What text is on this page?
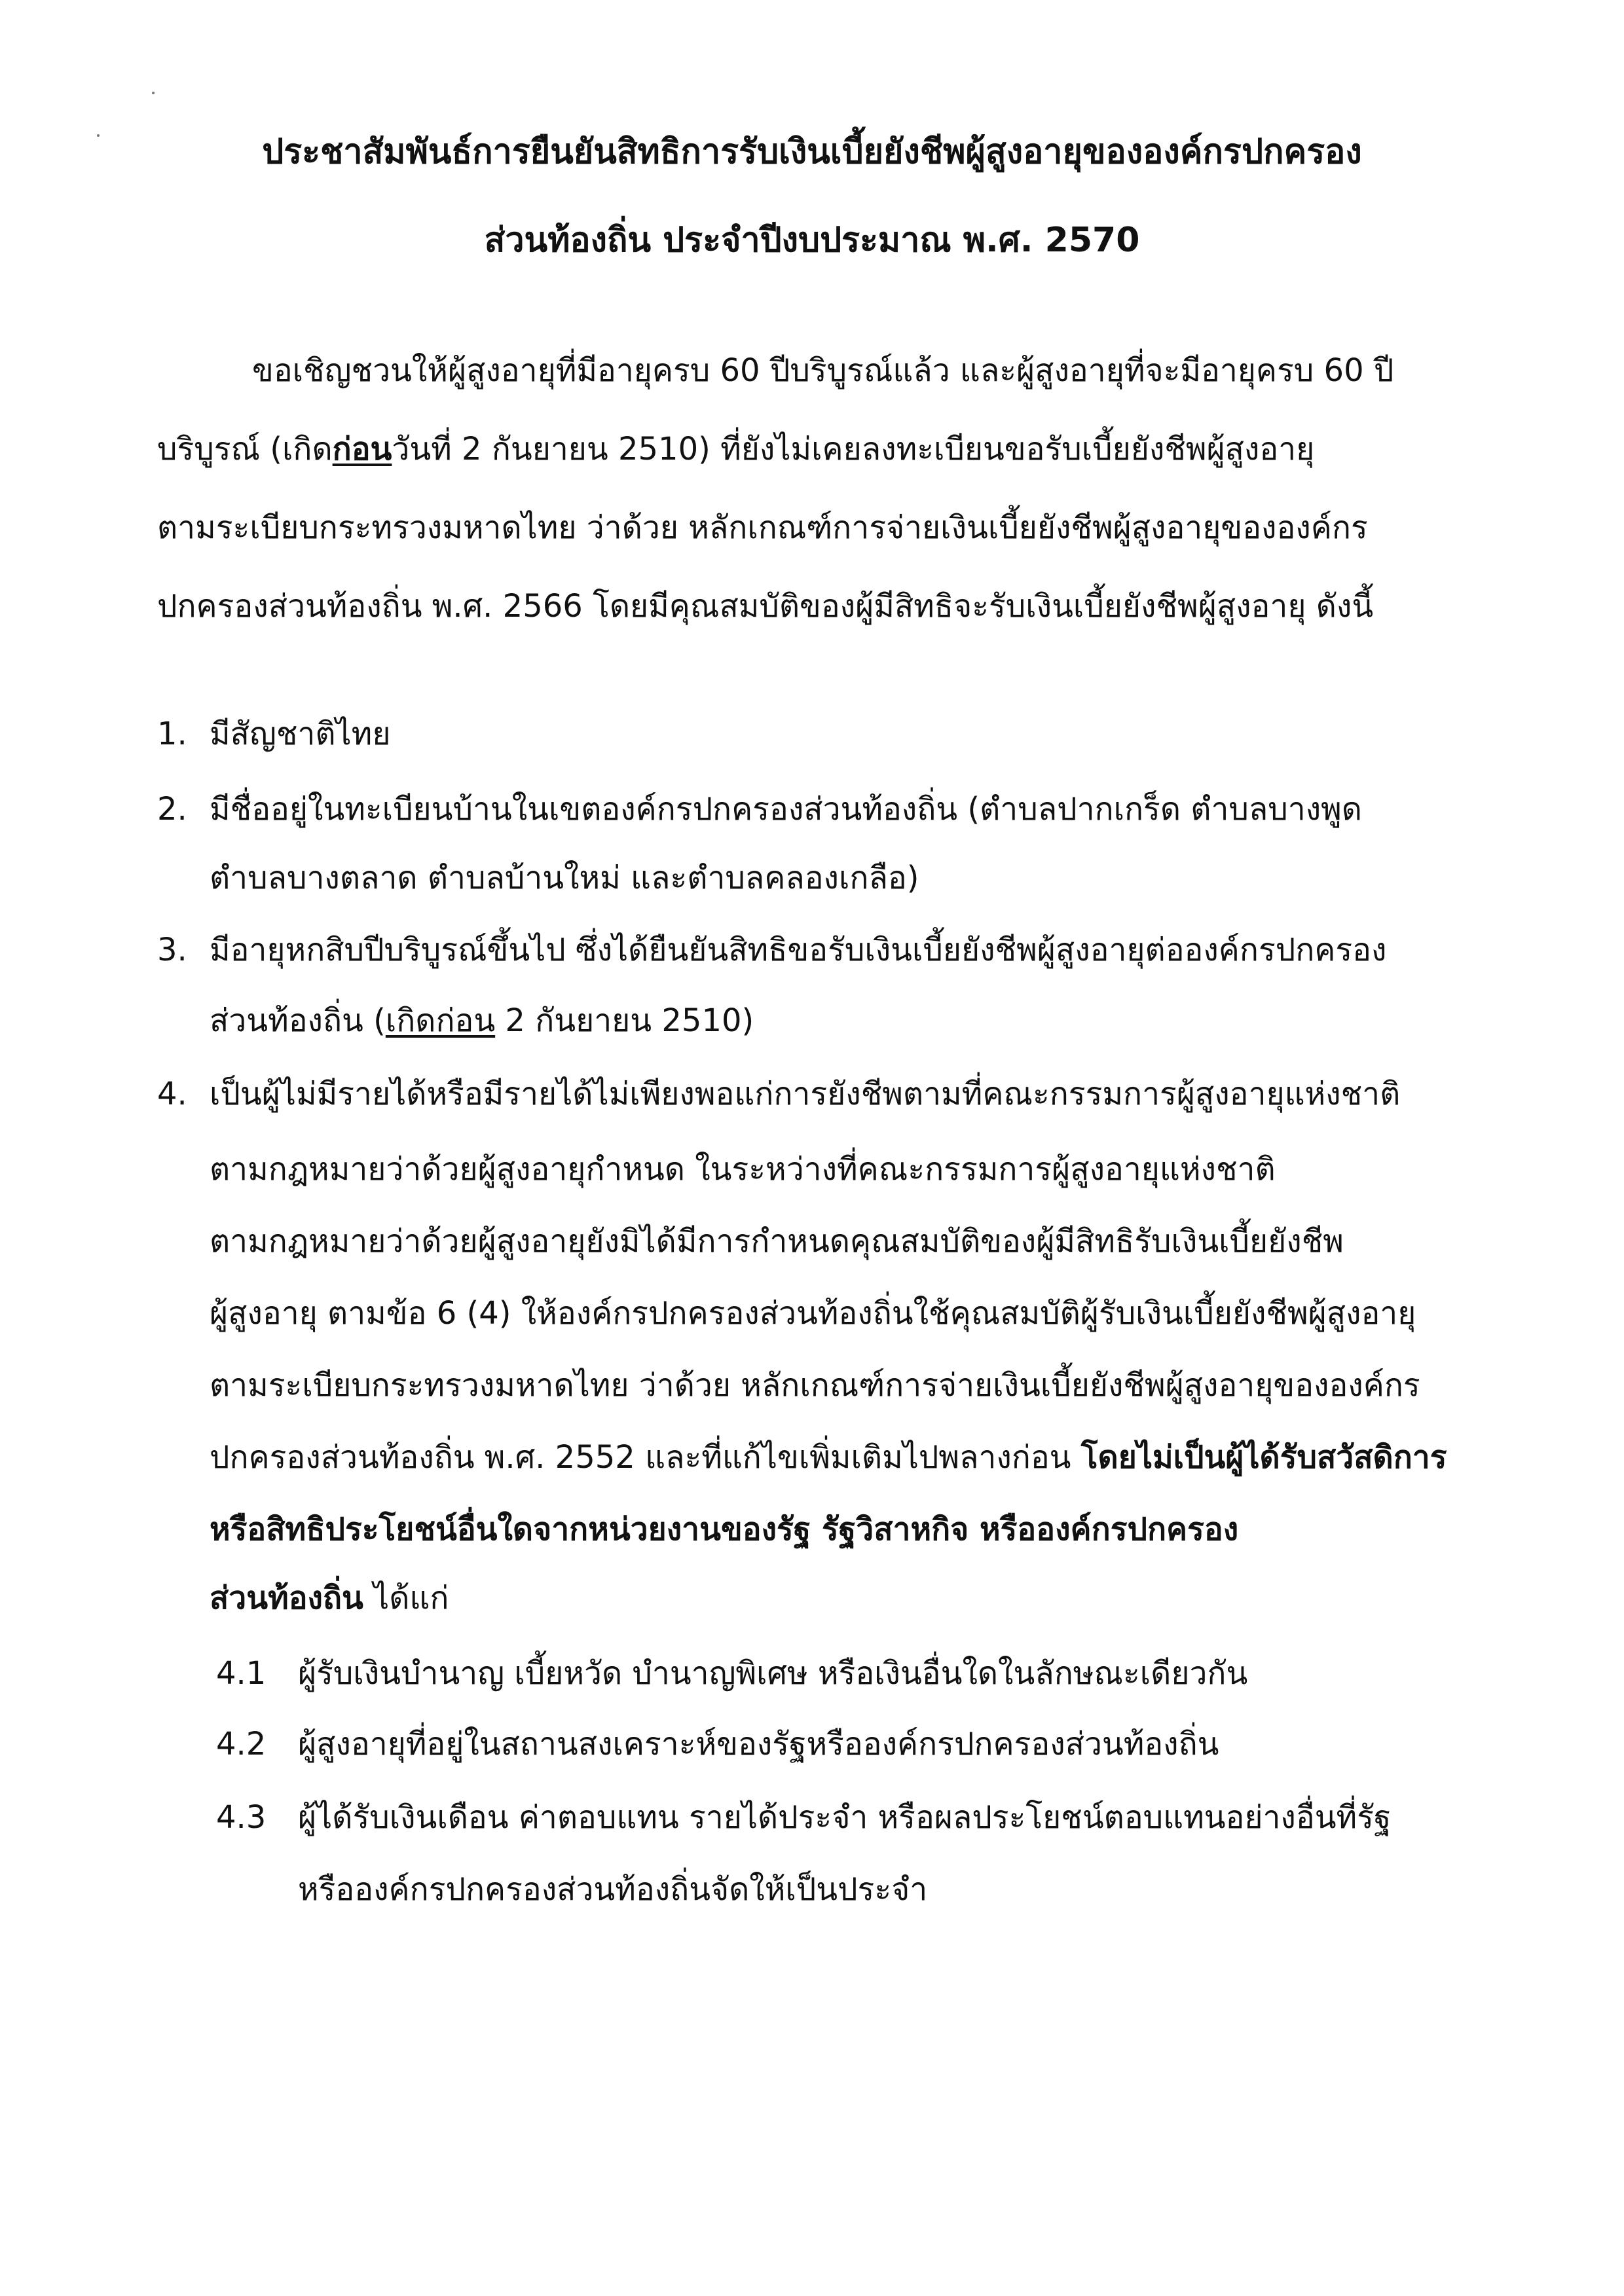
ประชาสัมพันธ์การยืนยันสิทธิการรับเงินเบี้ยยังชีพผู้สูงอายุขององค์กรปกครอง
ส่วนท้องถิ่น ประจำปีงบประมาณ พ.ศ. 2570
ขอเชิญชวนให้ผู้สูงอายุที่มีอายุครบ 60 ปีบริบูรณ์แล้ว และผู้สูงอายุที่จะมีอายุครบ 60 ปี
บริบูรณ์ (เกิดก่อนวันที่ 2 กันยายน 2510) ที่ยังไม่เคยลงทะเบียนขอรับเบี้ยยังชีพผู้สูงอายุ
ตามระเบียบกระทรวงมหาดไทย ว่าด้วย หลักเกณฑ์การจ่ายเงินเบี้ยยังชีพผู้สูงอายุขององค์กร
ปกครองส่วนท้องถิ่น พ.ศ. 2566 โดยมีคุณสมบัติของผู้มีสิทธิจะรับเงินเบี้ยยังชีพผู้สูงอายุ ดังนี้
1. มีสัญชาติไทย
2. มีชื่ออยู่ในทะเบียนบ้านในเขตองค์กรปกครองส่วนท้องถิ่น (ตำบลปากเกร็ด ตำบลบางพูด
ตำบลบางตลาด ตำบลบ้านใหม่ และตำบลคลองเกลือ)
3. มีอายุหกสิบปีบริบูรณ์ขึ้นไป ซึ่งได้ยืนยันสิทธิขอรับเงินเบี้ยยังชีพผู้สูงอายุต่อองค์กรปกครอง
ส่วนท้องถิ่น (เกิดก่อน 2 กันยายน 2510)
4. เป็นผู้ไม่มีรายได้หรือมีรายได้ไม่เพียงพอแก่การยังชีพตามที่คณะกรรมการผู้สูงอายุแห่งชาติ
ตามกฎหมายว่าด้วยผู้สูงอายุกำหนด ในระหว่างที่คณะกรรมการผู้สูงอายุแห่งชาติ
ตามกฎหมายว่าด้วยผู้สูงอายุยังมิได้มีการกำหนดคุณสมบัติของผู้มีสิทธิรับเงินเบี้ยยังชีพ
ผู้สูงอายุ ตามข้อ 6 (4) ให้องค์กรปกครองส่วนท้องถิ่นใช้คุณสมบัติผู้รับเงินเบี้ยยังชีพผู้สูงอายุ
ตามระเบียบกระทรวงมหาดไทย ว่าด้วย หลักเกณฑ์การจ่ายเงินเบี้ยยังชีพผู้สูงอายุขององค์กร
ปกครองส่วนท้องถิ่น พ.ศ. 2552 และที่แก้ไขเพิ่มเติมไปพลางก่อน โดยไม่เป็นผู้ได้รับสวัสดิการ
หรือสิทธิประโยชน์อื่นใดจากหน่วยงานของรัฐ รัฐวิสาหกิจ หรือองค์กรปกครอง
ส่วนท้องถิ่น ได้แก่
4.1 ผู้รับเงินบำนาญ เบี้ยหวัด บำนาญพิเศษ หรือเงินอื่นใดในลักษณะเดียวกัน
4.2 ผู้สูงอายุที่อยู่ในสถานสงเคราะห์ของรัฐหรือองค์กรปกครองส่วนท้องถิ่น
4.3 ผู้ได้รับเงินเดือน ค่าตอบแทน รายได้ประจำ หรือผลประโยชน์ตอบแทนอย่างอื่นที่รัฐ
หรือองค์กรปกครองส่วนท้องถิ่นจัดให้เป็นประจำ
